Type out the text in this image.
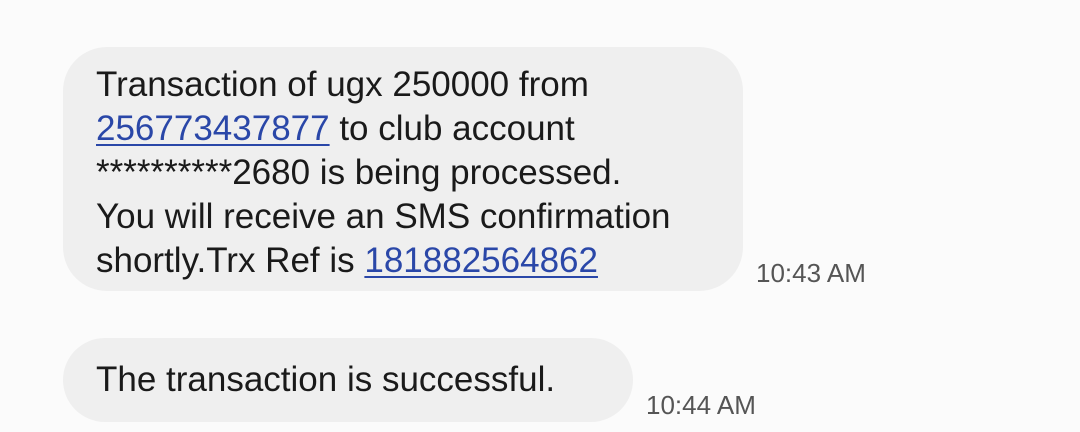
Transaction of ugx 250000 from
256773437877 to club account
**********2680 is being processed.
You will receive an SMS confirmation
shortly.Trx Ref is 181882564862	10:43 AM
The transaction is successful.
10:44 AM
